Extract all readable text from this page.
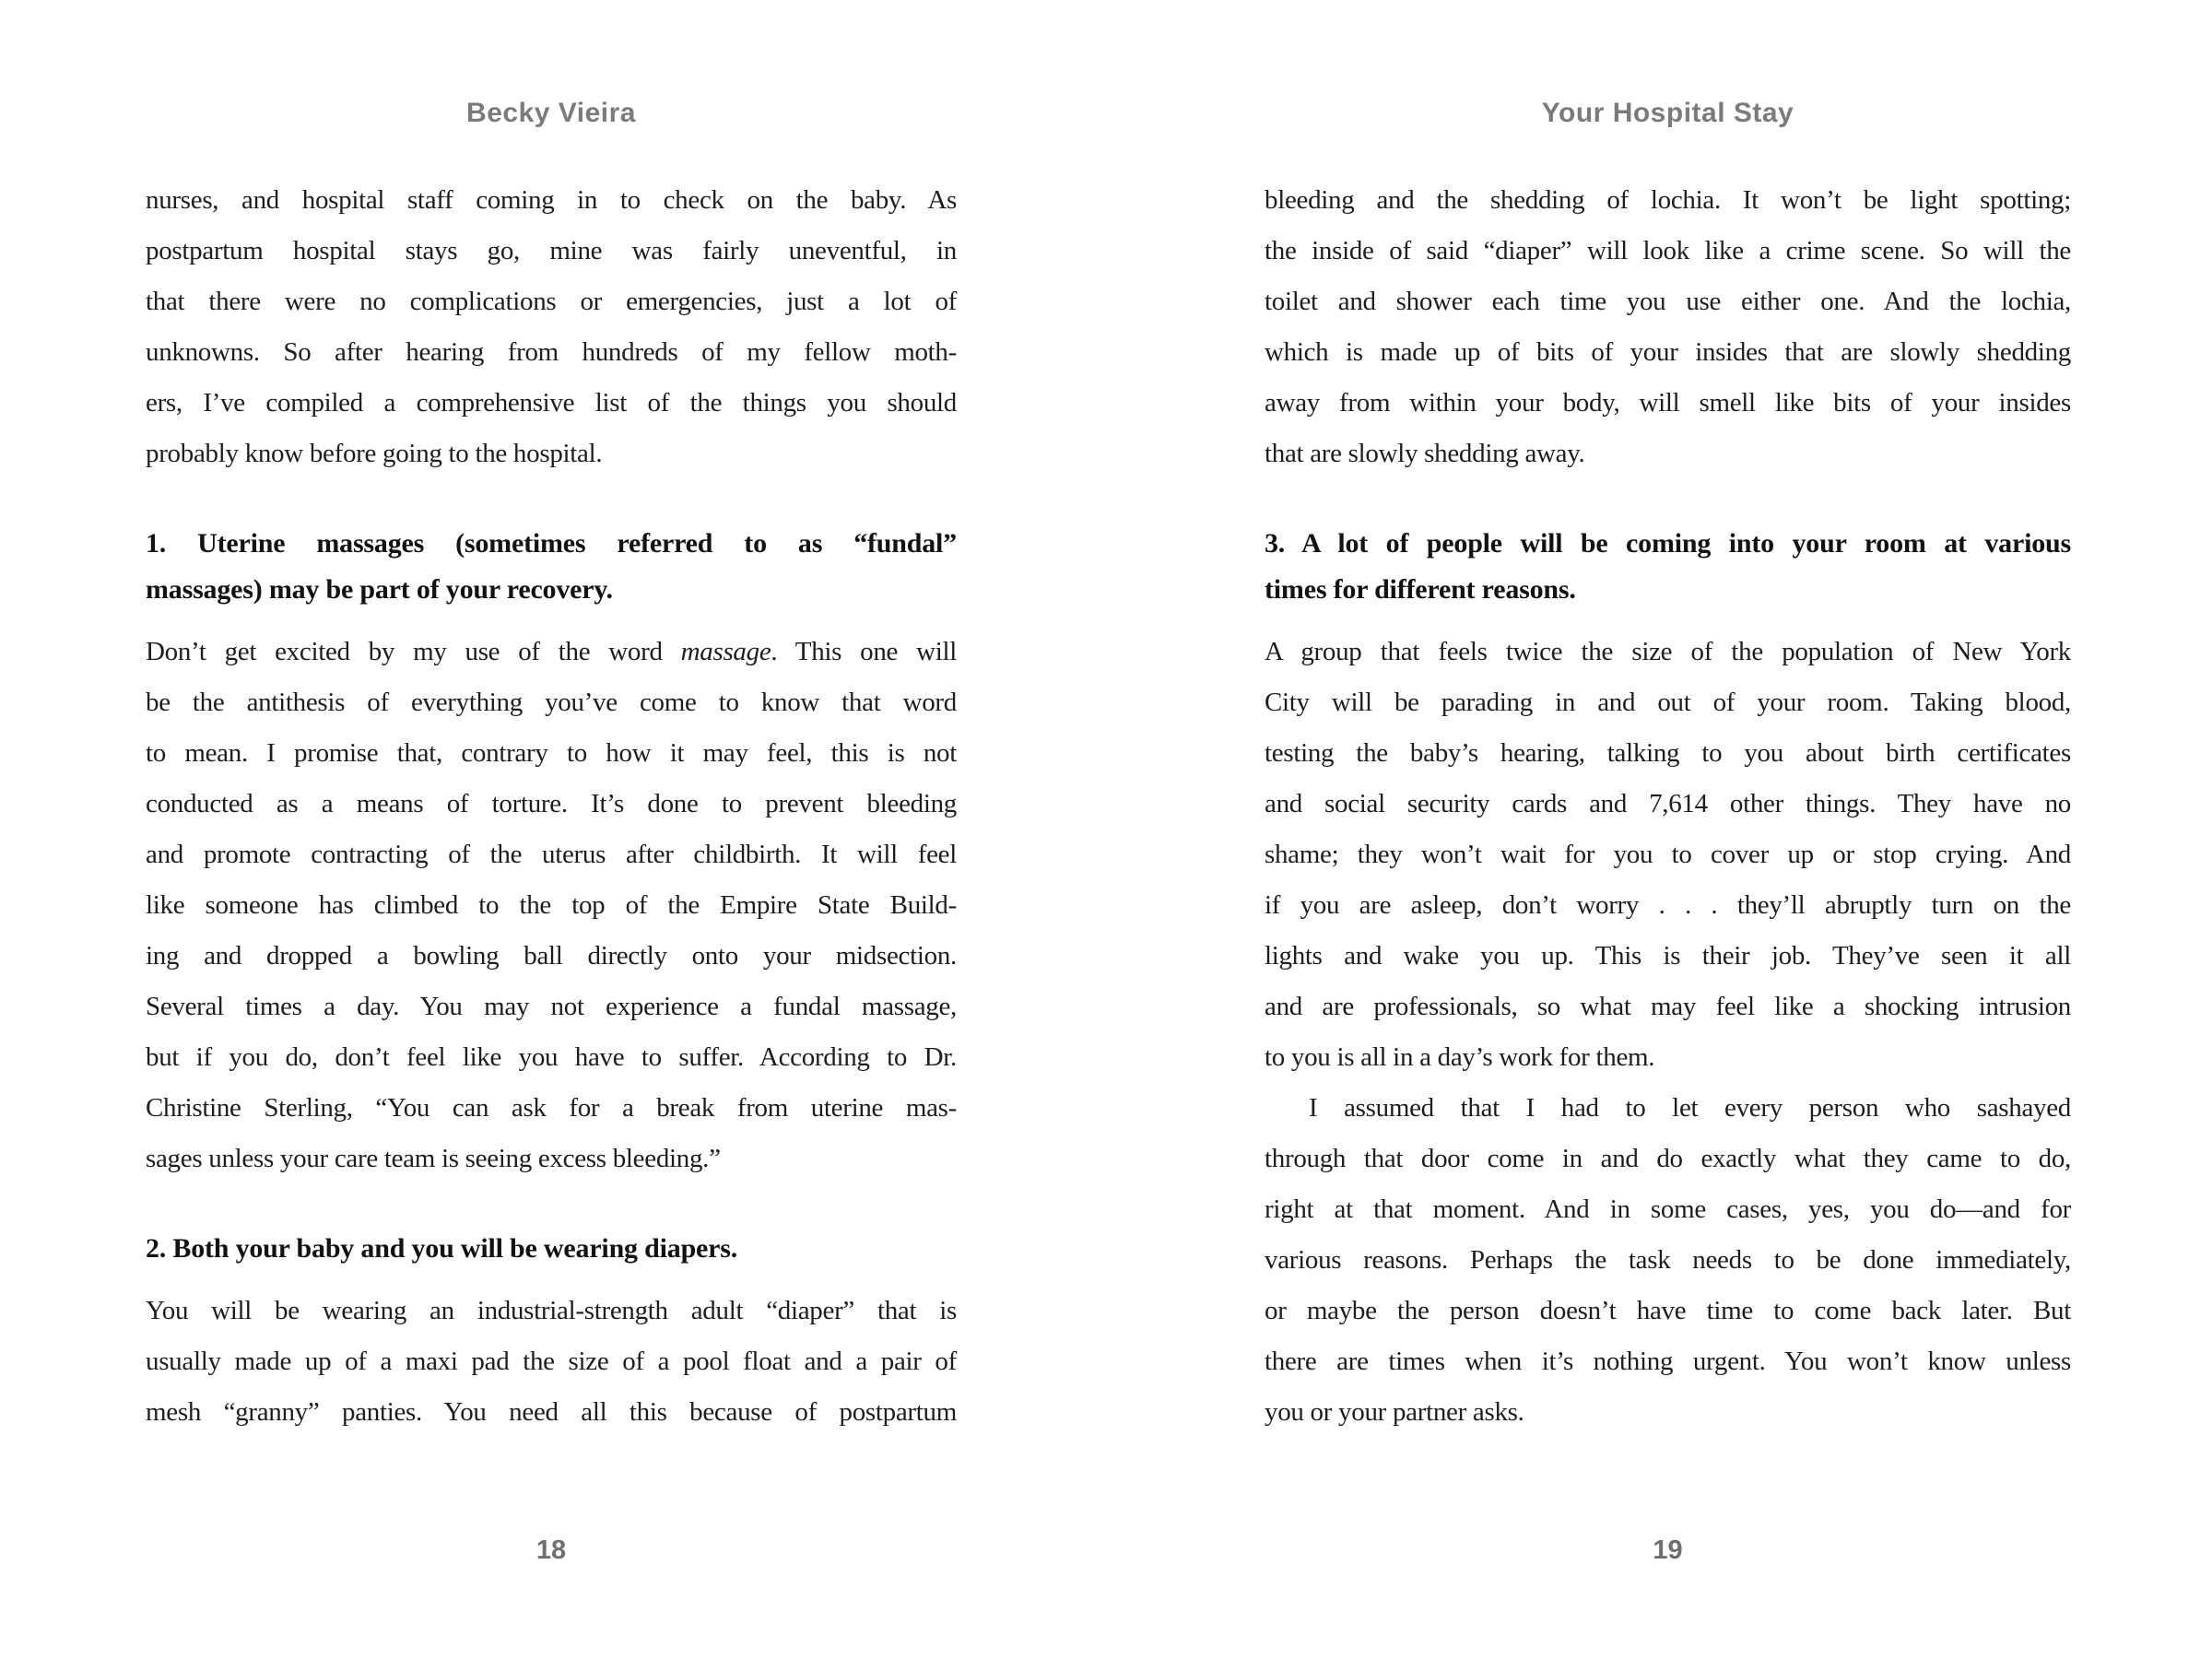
Becky Vieira
nurses, and hospital staff coming in to check on the baby. As
postpartum hospital stays go, mine was fairly uneventful, in
that there were no complications or emergencies, just a lot of
unknowns. So after hearing from hundreds of my fellow moth-
ers, I’ve compiled a comprehensive list of the things you should
probably know before going to the hospital.
1. Uterine massages (sometimes referred to as “fundal”
massages) may be part of your recovery.
Don’t get excited by my use of the word massage. This one will
be the antithesis of everything you’ve come to know that word
to mean. I promise that, contrary to how it may feel, this is not
conducted as a means of torture. It’s done to prevent bleeding
and promote contracting of the uterus after childbirth. It will feel
like someone has climbed to the top of the Empire State Build-
ing and dropped a bowling ball directly onto your midsection.
Several times a day. You may not experience a fundal massage,
but if you do, don’t feel like you have to suffer. According to Dr.
Christine Sterling, “You can ask for a break from uterine mas-
sages unless your care team is seeing excess bleeding.”
2. Both your baby and you will be wearing diapers.
You will be wearing an industrial-strength adult “diaper” that is
usually made up of a maxi pad the size of a pool float and a pair of
mesh “granny” panties. You need all this because of postpartum
18
Your Hospital Stay
bleeding and the shedding of lochia. It won’t be light spotting;
the inside of said “diaper” will look like a crime scene. So will the
toilet and shower each time you use either one. And the lochia,
which is made up of bits of your insides that are slowly shedding
away from within your body, will smell like bits of your insides
that are slowly shedding away.
3. A lot of people will be coming into your room at various
times for different reasons.
A group that feels twice the size of the population of New York
City will be parading in and out of your room. Taking blood,
testing the baby’s hearing, talking to you about birth certificates
and social security cards and 7,614 other things. They have no
shame; they won’t wait for you to cover up or stop crying. And
if you are asleep, don’t worry . . . they’ll abruptly turn on the
lights and wake you up. This is their job. They’ve seen it all
and are professionals, so what may feel like a shocking intrusion
to you is all in a day’s work for them.
I assumed that I had to let every person who sashayed
through that door come in and do exactly what they came to do,
right at that moment. And in some cases, yes, you do—and for
various reasons. Perhaps the task needs to be done immediately,
or maybe the person doesn’t have time to come back later. But
there are times when it’s nothing urgent. You won’t know unless
you or your partner asks.
19
